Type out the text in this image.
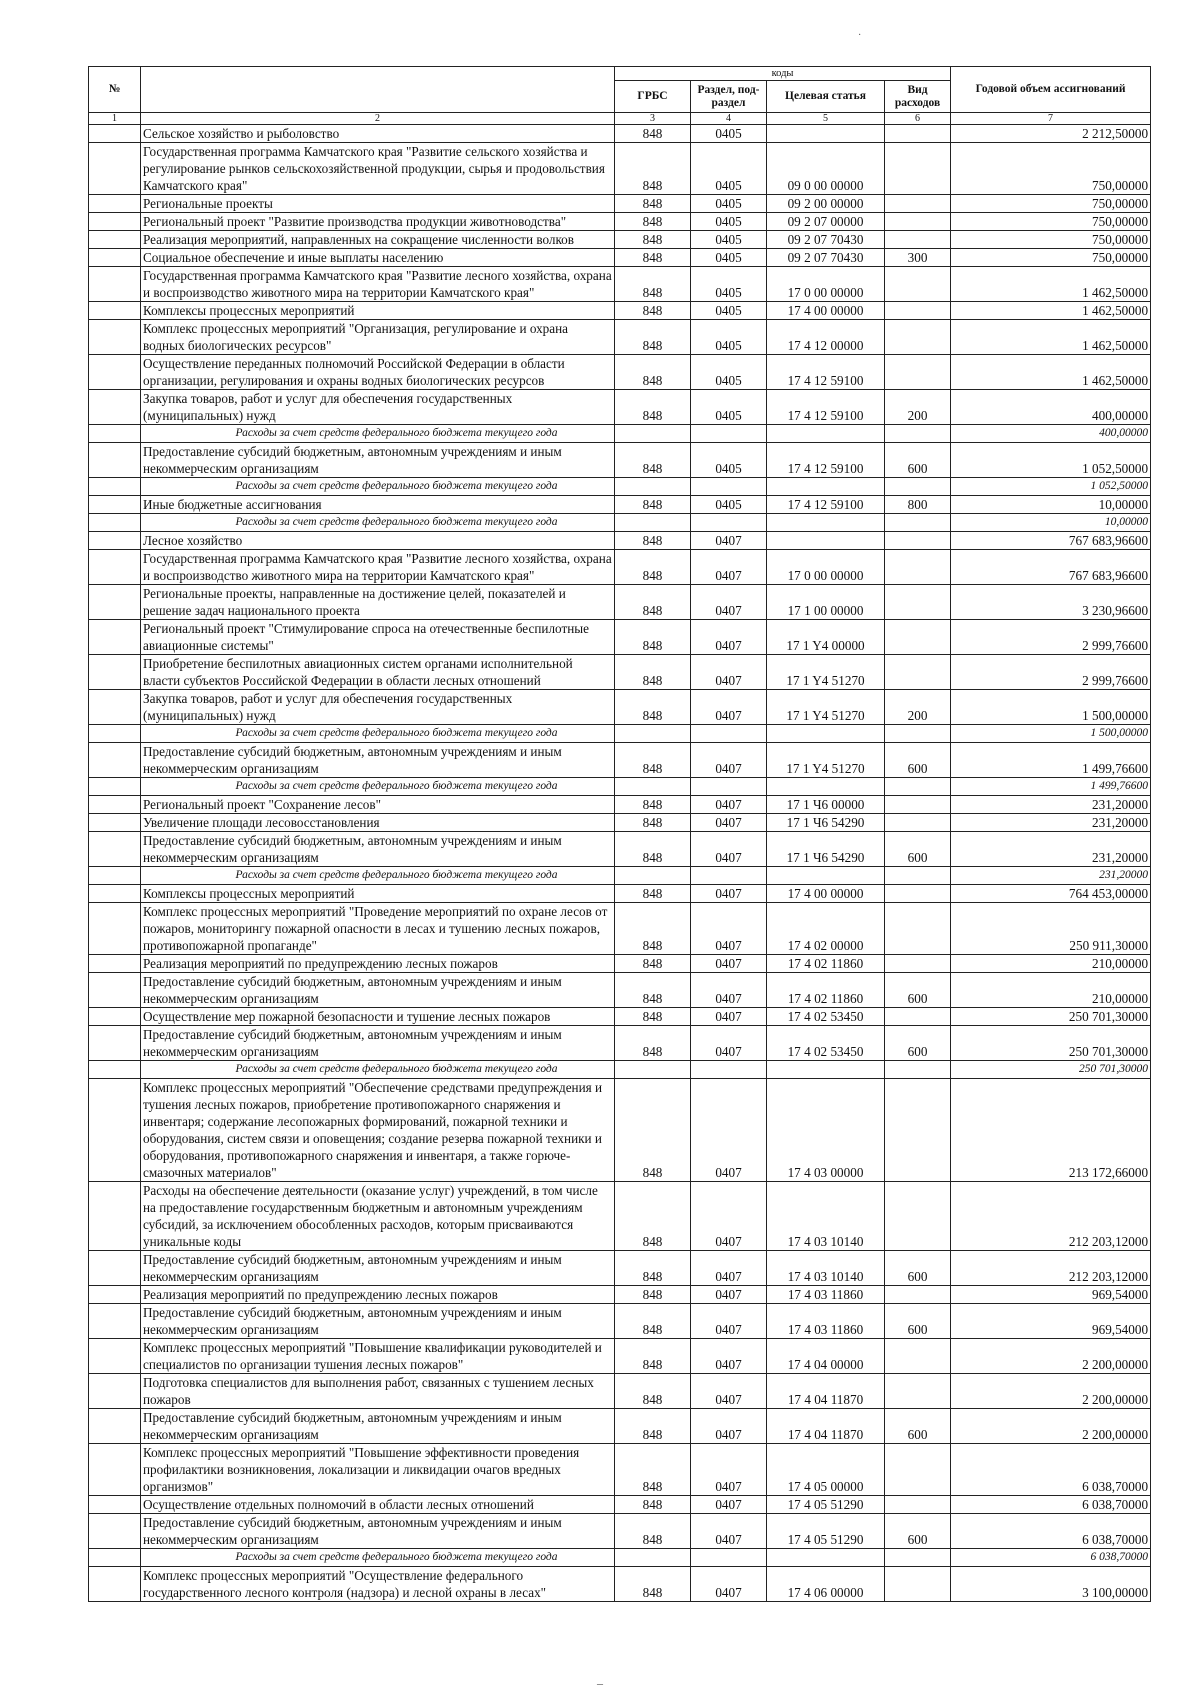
·
№		коды				Годовой объем ассигнований
		ГРБС	Раздел, под-раздел	Целевая статья	Вид расходов	
1	2	3	4	5	6	7
	Сельское хозяйство и рыболовство	848	0405			2 212,50000
	Государственная программа Камчатского края "Развитие сельского хозяйства и регулирование рынков сельскохозяйственной продукции, сырья и продовольствия Камчатского края"	848	0405	09 0 00 00000		750,00000
	Региональные проекты	848	0405	09 2 00 00000		750,00000
	Региональный проект "Развитие производства продукции животноводства"	848	0405	09 2 07 00000		750,00000
	Реализация мероприятий, направленных на сокращение численности волков	848	0405	09 2 07 70430		750,00000
	Социальное обеспечение и иные выплаты населению	848	0405	09 2 07 70430	300	750,00000
	Государственная программа Камчатского края "Развитие лесного хозяйства, охрана и воспроизводство животного мира на территории Камчатского края"	848	0405	17 0 00 00000		1 462,50000
	Комплексы процессных мероприятий	848	0405	17 4 00 00000		1 462,50000
	Комплекс процессных мероприятий "Организация, регулирование и охрана водных биологических ресурсов"	848	0405	17 4 12 00000		1 462,50000
	Осуществление переданных полномочий Российской Федерации в области организации, регулирования и охраны водных биологических ресурсов	848	0405	17 4 12 59100		1 462,50000
	Закупка товаров, работ и услуг для обеспечения государственных (муниципальных) нужд	848	0405	17 4 12 59100	200	400,00000
	Расходы за счет средств федерального бюджета текущего года					400,00000
	Предоставление субсидий бюджетным, автономным учреждениям и иным некоммерческим организациям	848	0405	17 4 12 59100	600	1 052,50000
	Расходы за счет средств федерального бюджета текущего года					1 052,50000
	Иные бюджетные ассигнования	848	0405	17 4 12 59100	800	10,00000
	Расходы за счет средств федерального бюджета текущего года					10,00000
	Лесное хозяйство	848	0407			767 683,96600
	Государственная программа Камчатского края "Развитие лесного хозяйства, охрана и воспроизводство животного мира на территории Камчатского края"	848	0407	17 0 00 00000		767 683,96600
	Региональные проекты, направленные на достижение целей, показателей и решение задач национального проекта	848	0407	17 1 00 00000		3 230,96600
	Региональный проект "Стимулирование спроса на отечественные беспилотные авиационные системы"	848	0407	17 1 Y4 00000		2 999,76600
	Приобретение беспилотных авиационных систем органами исполнительной власти субъектов Российской Федерации в области лесных отношений	848	0407	17 1 Y4 51270		2 999,76600
	Закупка товаров, работ и услуг для обеспечения государственных (муниципальных) нужд	848	0407	17 1 Y4 51270	200	1 500,00000
	Расходы за счет средств федерального бюджета текущего года					1 500,00000
	Предоставление субсидий бюджетным, автономным учреждениям и иным некоммерческим организациям	848	0407	17 1 Y4 51270	600	1 499,76600
	Расходы за счет средств федерального бюджета текущего года					1 499,76600
	Региональный проект "Сохранение лесов"	848	0407	17 1 Ч6 00000		231,20000
	Увеличение площади лесовосстановления	848	0407	17 1 Ч6 54290		231,20000
	Предоставление субсидий бюджетным, автономным учреждениям и иным некоммерческим организациям	848	0407	17 1 Ч6 54290	600	231,20000
	Расходы за счет средств федерального бюджета текущего года					231,20000
	Комплексы процессных мероприятий	848	0407	17 4 00 00000		764 453,00000
	Комплекс процессных мероприятий "Проведение мероприятий по охране лесов от пожаров, мониторингу пожарной опасности в лесах и тушению лесных пожаров, противопожарной пропаганде"	848	0407	17 4 02 00000		250 911,30000
	Реализация мероприятий по предупреждению лесных пожаров	848	0407	17 4 02 11860		210,00000
	Предоставление субсидий бюджетным, автономным учреждениям и иным некоммерческим организациям	848	0407	17 4 02 11860	600	210,00000
	Осуществление мер пожарной безопасности и тушение лесных пожаров	848	0407	17 4 02 53450		250 701,30000
	Предоставление субсидий бюджетным, автономным учреждениям и иным некоммерческим организациям	848	0407	17 4 02 53450	600	250 701,30000
	Расходы за счет средств федерального бюджета текущего года					250 701,30000
	Комплекс процессных мероприятий "Обеспечение средствами предупреждения и тушения лесных пожаров, приобретение противопожарного снаряжения и инвентаря; содержание лесопожарных формирований, пожарной техники и оборудования, систем связи и оповещения; создание резерва пожарной техники и оборудования, противопожарного снаряжения и инвентаря, а также горюче-смазочных материалов"	848	0407	17 4 03 00000		213 172,66000
	Расходы на обеспечение деятельности (оказание услуг) учреждений, в том числе на предоставление государственным бюджетным и автономным учреждениям субсидий, за исключением обособленных расходов, которым присваиваются уникальные коды	848	0407	17 4 03 10140		212 203,12000
	Предоставление субсидий бюджетным, автономным учреждениям и иным некоммерческим организациям	848	0407	17 4 03 10140	600	212 203,12000
	Реализация мероприятий по предупреждению лесных пожаров	848	0407	17 4 03 11860		969,54000
	Предоставление субсидий бюджетным, автономным учреждениям и иным некоммерческим организациям	848	0407	17 4 03 11860	600	969,54000
	Комплекс процессных мероприятий "Повышение квалификации руководителей и специалистов по организации тушения лесных пожаров"	848	0407	17 4 04 00000		2 200,00000
	Подготовка специалистов для выполнения работ, связанных с тушением лесных пожаров	848	0407	17 4 04 11870		2 200,00000
	Предоставление субсидий бюджетным, автономным учреждениям и иным некоммерческим организациям	848	0407	17 4 04 11870	600	2 200,00000
	Комплекс процессных мероприятий "Повышение эффективности проведения профилактики возникновения, локализации и ликвидации очагов вредных организмов"	848	0407	17 4 05 00000		6 038,70000
	Осуществление отдельных полномочий в области лесных отношений	848	0407	17 4 05 51290		6 038,70000
	Предоставление субсидий бюджетным, автономным учреждениям и иным некоммерческим организациям	848	0407	17 4 05 51290	600	6 038,70000
	Расходы за счет средств федерального бюджета текущего года					6 038,70000
	Комплекс процессных мероприятий "Осуществление федерального государственного лесного контроля (надзора) и лесной охраны в лесах"	848	0407	17 4 06 00000		3 100,00000
‒
